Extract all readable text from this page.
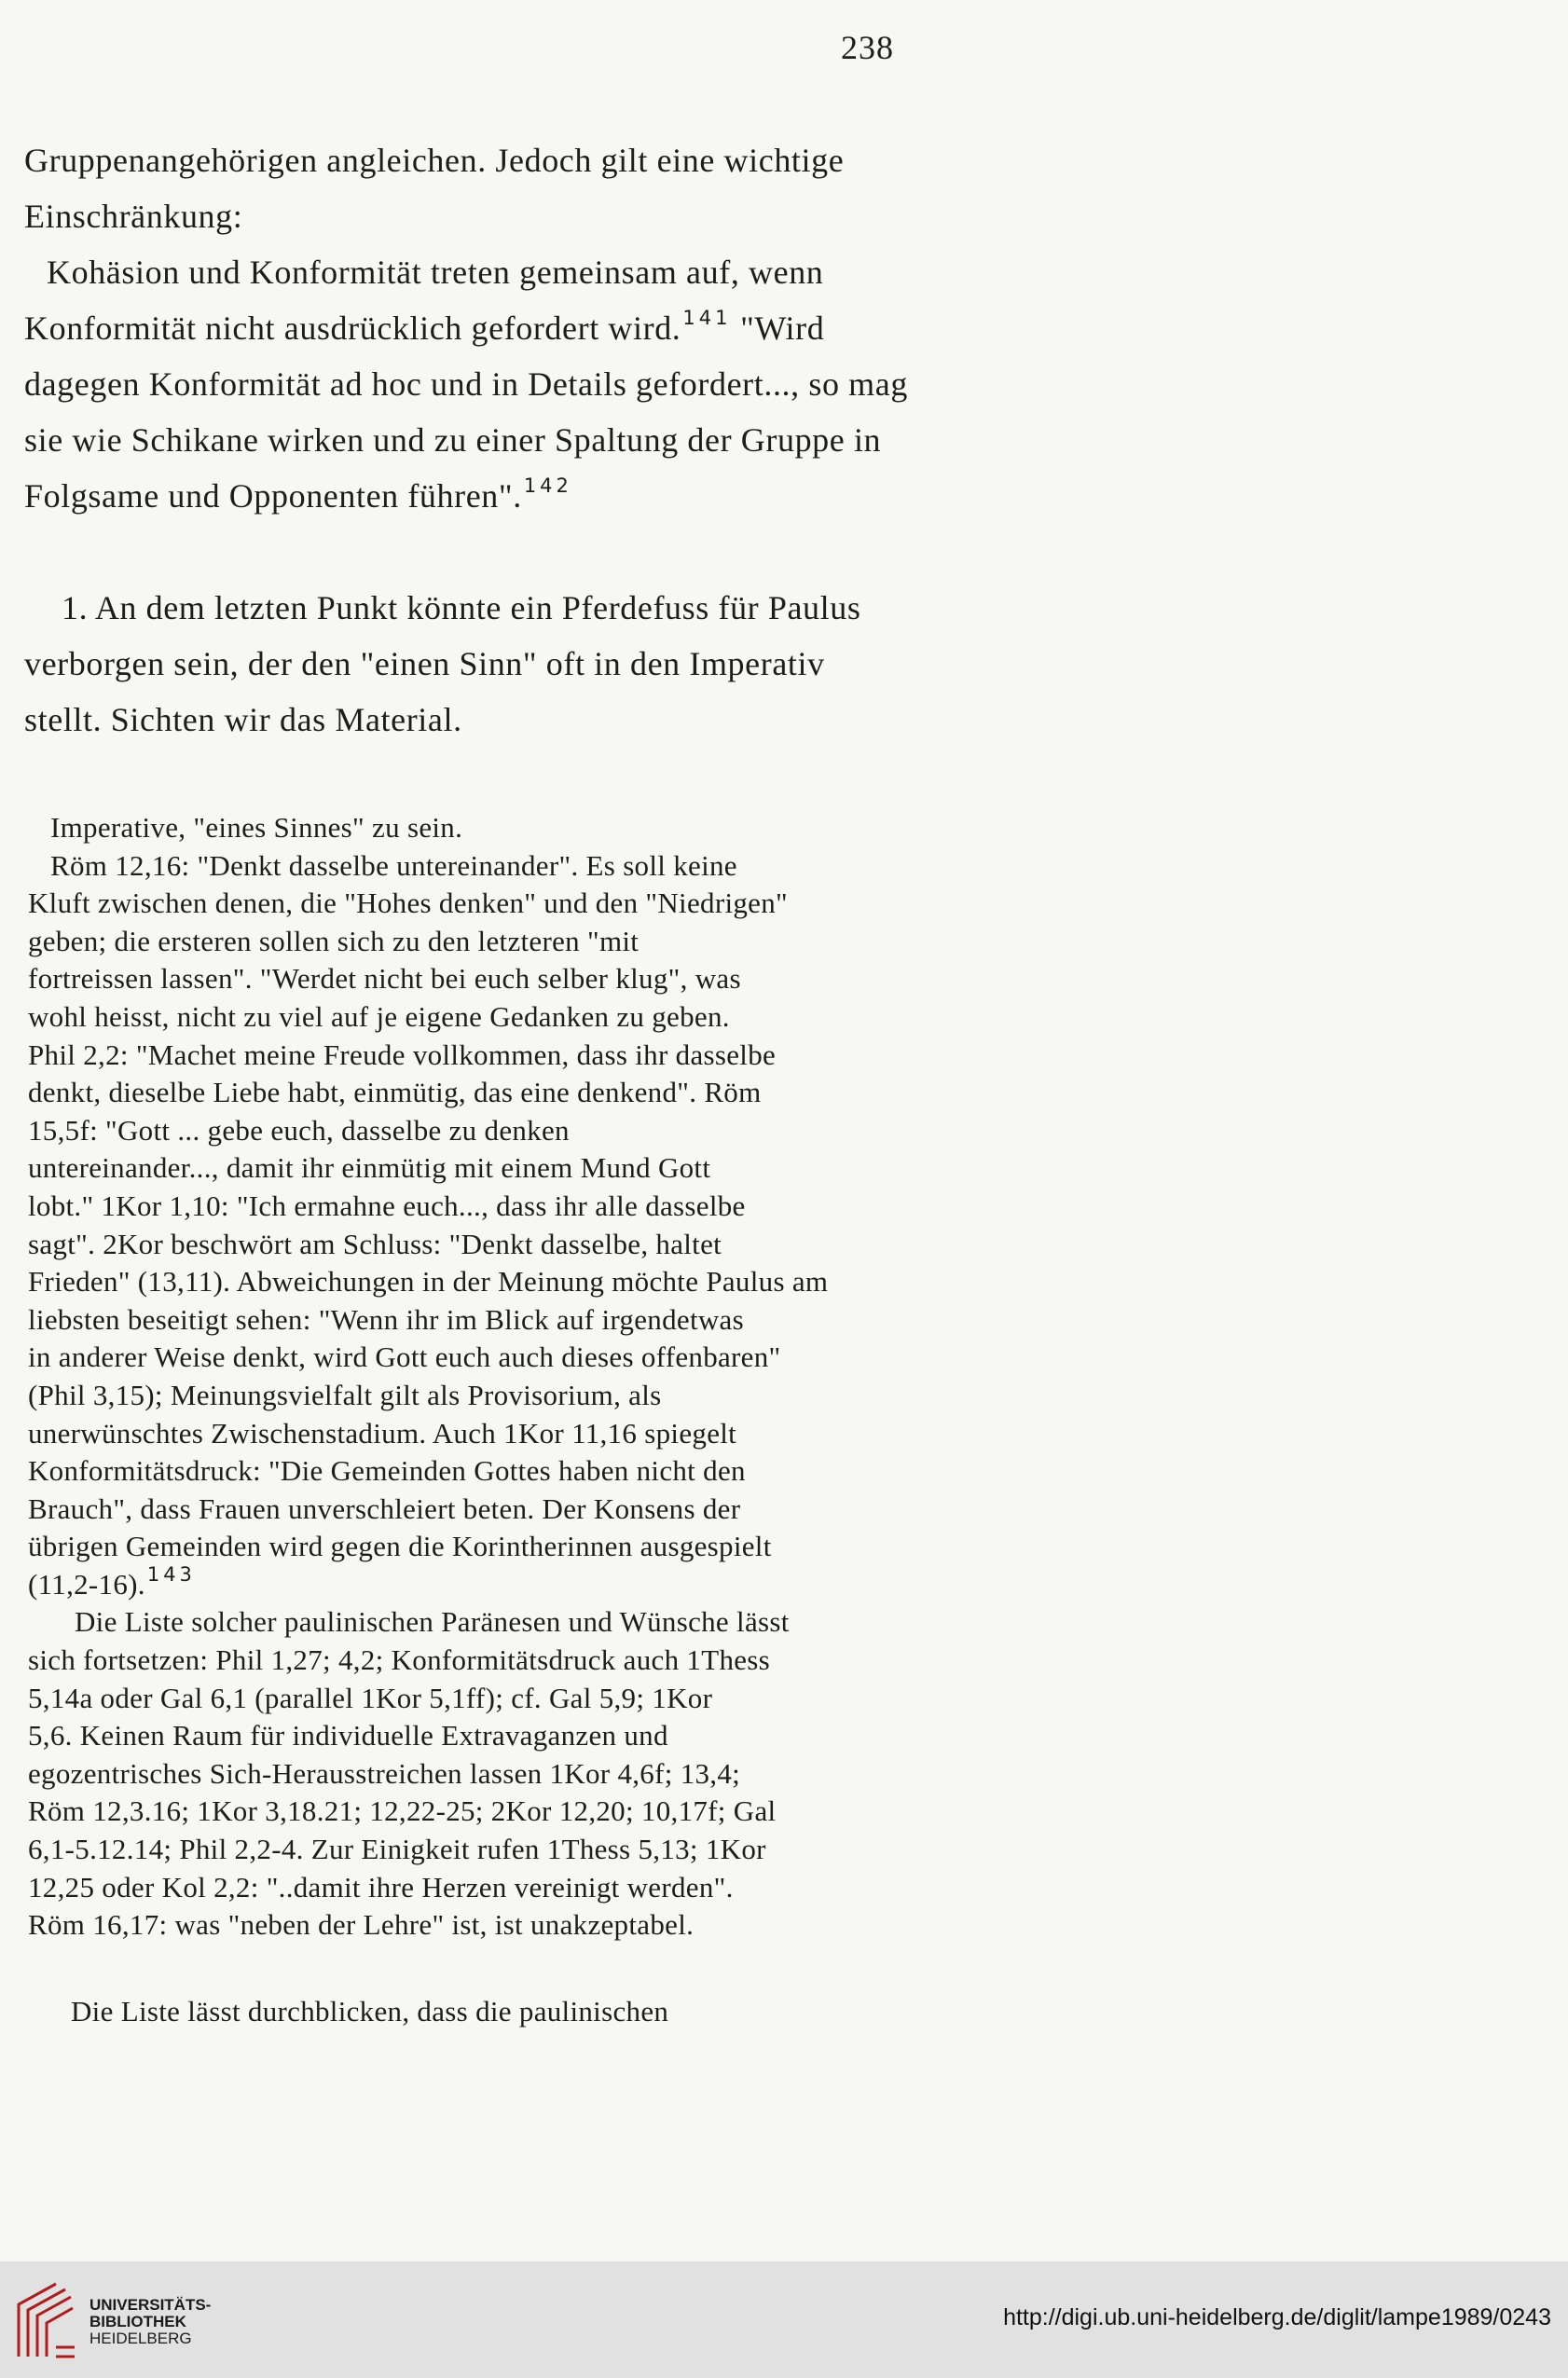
238

Gruppenangehörigen angleichen. Jedoch gilt eine wichtige
Einschränkung:

Kohäsion und Konformität treten gemeinsam auf, wenn
Konformität nicht ausdrücklich gefordert wird.$^{141}$ "Wird
dagegen Konformität ad hoc und in Details gefordert..., so mag
sie wie Schikane wirken und zu einer Spaltung der Gruppe in
Folgsame und Opponenten führen".$^{142}$

1. An dem letzten Punkt könnte ein Pferdefuss für Paulus
verborgen sein, der den "einen Sinn" oft in den Imperativ
stellt. Sichten wir das Material.

Imperative, "eines Sinnes" zu sein.
Röm 12,16: "Denkt dasselbe untereinander". Es soll keine
Kluft zwischen denen, die "Hohes denken" und den "Niedrigen"
geben; die ersteren sollen sich zu den letzteren "mit
fortreissen lassen". "Werdet nicht bei euch selber klug", was
wohl heisst, nicht zu viel auf je eigene Gedanken zu geben.
Phil 2,2: "Machet meine Freude vollkommen, dass ihr dasselbe
denkt, dieselbe Liebe habt, einmütig, das eine denkend". Röm
15,5f: "Gott ... gebe euch, dasselbe zu denken
untereinander..., damit ihr einmütig mit einem Mund Gott
lobt." 1Kor 1,10: "Ich ermahne euch..., dass ihr alle dasselbe
sagt". 2Kor beschwört am Schluss: "Denkt dasselbe, haltet
Frieden" (13,11). Abweichungen in der Meinung möchte Paulus am
liebsten beseitigt sehen: "Wenn ihr im Blick auf irgendetwas
in anderer Weise denkt, wird Gott euch auch dieses offenbaren"
(Phil 3,15); Meinungsvielfalt gilt als Provisorium, als
unerwünschtes Zwischenstadium. Auch 1Kor 11,16 spiegelt
Konformitätsdruck: "Die Gemeinden Gottes haben nicht den
Brauch", dass Frauen unverschleiert beten. Der Konsens der
übrigen Gemeinden wird gegen die Korintherinnen ausgespielt
(11,2-16).$^{143}$

Die Liste solcher paulinischen Paränesen und Wünsche lässt
sich fortsetzen: Phil 1,27; 4,2; Konformitätsdruck auch 1Thess
5,14a oder Gal 6,1 (parallel 1Kor 5,1ff); cf. Gal 5,9; 1Kor
5,6. Keinen Raum für individuelle Extravaganzen und
egozentrisches Sich-Herausstreichen lassen 1Kor 4,6f; 13,4;
Röm 12,3.16; 1Kor 3,18.21; 12,22-25; 2Kor 12,20; 10,17f; Gal
6,1-5.12.14; Phil 2,2-4. Zur Einigkeit rufen 1Thess 5,13; 1Kor
12,25 oder Kol 2,2: "..damit ihre Herzen vereinigt werden".
Röm 16,17: was "neben der Lehre" ist, ist unakzeptabel.

Die Liste lässt durchblicken, dass die paulinischen
UNIVERSITÄTS-
BIBLIOTHEK
HEIDELBERG
http://digi.ub.uni-heidelberg.de/diglit/lampe1989/0243
